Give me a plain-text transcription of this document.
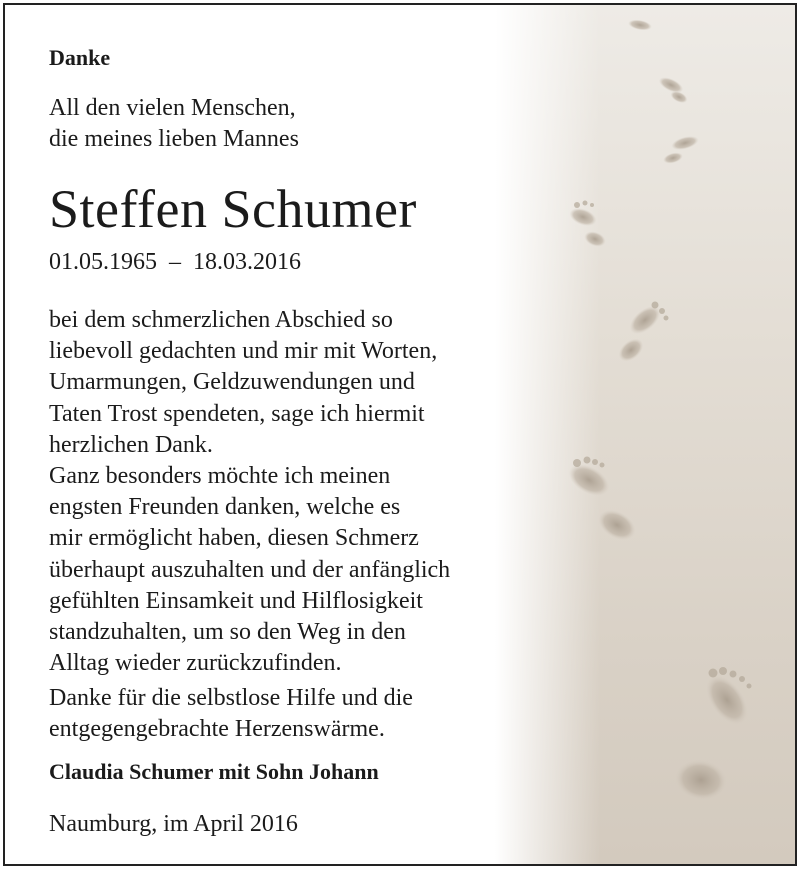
Danke
All den vielen Menschen,
die meines lieben Mannes
Steffen Schumer
01.05.1965  –  18.03.2016
bei dem schmerzlichen Abschied so
liebevoll gedachten und mir mit Worten,
Umarmungen, Geldzuwendungen und
Taten Trost spendeten, sage ich hiermit
herzlichen Dank.
Ganz besonders möchte ich meinen
engsten Freunden danken, welche es
mir ermöglicht haben, diesen Schmerz
überhaupt auszuhalten und der anfänglich
gefühlten Einsamkeit und Hilflosigkeit
standzuhalten, um so den Weg in den
Alltag wieder zurückzufinden.
Danke für die selbstlose Hilfe und die
entgegengebrachte Herzenswärme.
Claudia Schumer mit Sohn Johann
Naumburg, im April 2016
